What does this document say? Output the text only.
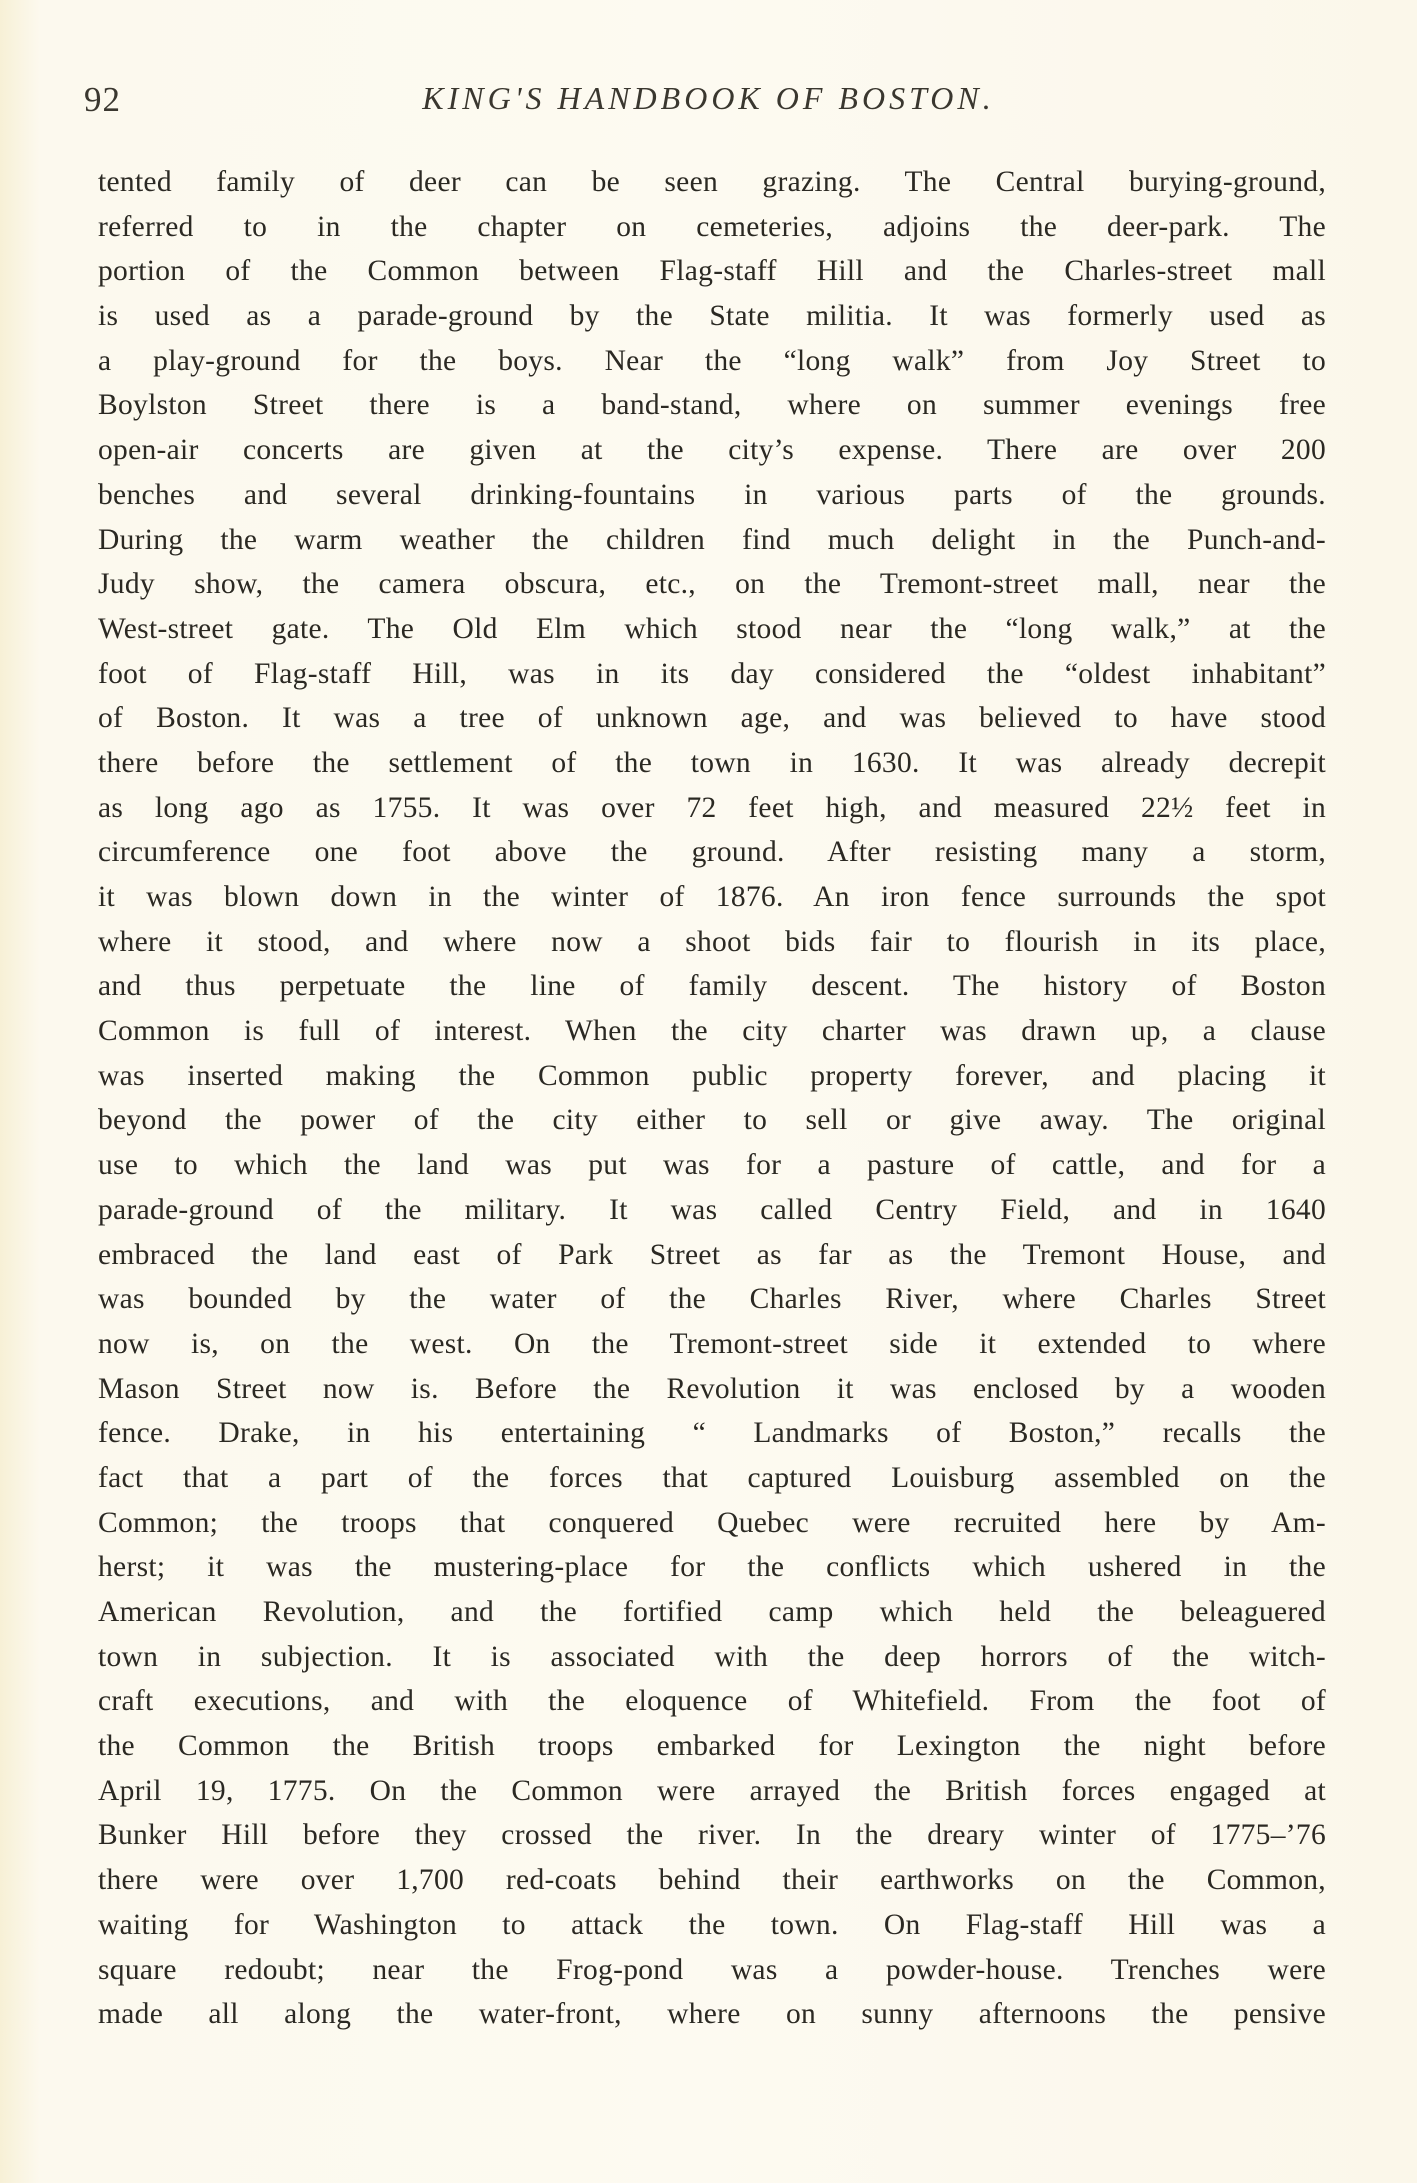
92	KING'S HANDBOOK OF BOSTON.
tented family of deer can be seen grazing. The Central burying-ground,
referred to in the chapter on cemeteries, adjoins the deer-park. The
portion of the Common between Flag-staff Hill and the Charles-street mall
is used as a parade-ground by the State militia. It was formerly used as
a play-ground for the boys. Near the “long walk” from Joy Street to
Boylston Street there is a band-stand, where on summer evenings free
open-air concerts are given at the city’s expense. There are over 200
benches and several drinking-fountains in various parts of the grounds.
During the warm weather the children find much delight in the Punch-and-
Judy show, the camera obscura, etc., on the Tremont-street mall, near the
West-street gate. The Old Elm which stood near the “long walk,” at the
foot of Flag-staff Hill, was in its day considered the “oldest inhabitant”
of Boston. It was a tree of unknown age, and was believed to have stood
there before the settlement of the town in 1630. It was already decrepit
as long ago as 1755. It was over 72 feet high, and measured 22½ feet in
circumference one foot above the ground. After resisting many a storm,
it was blown down in the winter of 1876. An iron fence surrounds the spot
where it stood, and where now a shoot bids fair to flourish in its place,
and thus perpetuate the line of family descent. The history of Boston
Common is full of interest. When the city charter was drawn up, a clause
was inserted making the Common public property forever, and placing it
beyond the power of the city either to sell or give away. The original
use to which the land was put was for a pasture of cattle, and for a
parade-ground of the military. It was called Centry Field, and in 1640
embraced the land east of Park Street as far as the Tremont House, and
was bounded by the water of the Charles River, where Charles Street
now is, on the west. On the Tremont-street side it extended to where
Mason Street now is. Before the Revolution it was enclosed by a wooden
fence. Drake, in his entertaining “ Landmarks of Boston,” recalls the
fact that a part of the forces that captured Louisburg assembled on the
Common; the troops that conquered Quebec were recruited here by Am-
herst; it was the mustering-place for the conflicts which ushered in the
American Revolution, and the fortified camp which held the beleaguered
town in subjection. It is associated with the deep horrors of the witch-
craft executions, and with the eloquence of Whitefield. From the foot of
the Common the British troops embarked for Lexington the night before
April 19, 1775. On the Common were arrayed the British forces engaged at
Bunker Hill before they crossed the river. In the dreary winter of 1775–’76
there were over 1,700 red-coats behind their earthworks on the Common,
waiting for Washington to attack the town. On Flag-staff Hill was a
square redoubt; near the Frog-pond was a powder-house. Trenches were
made all along the water-front, where on sunny afternoons the pensive
